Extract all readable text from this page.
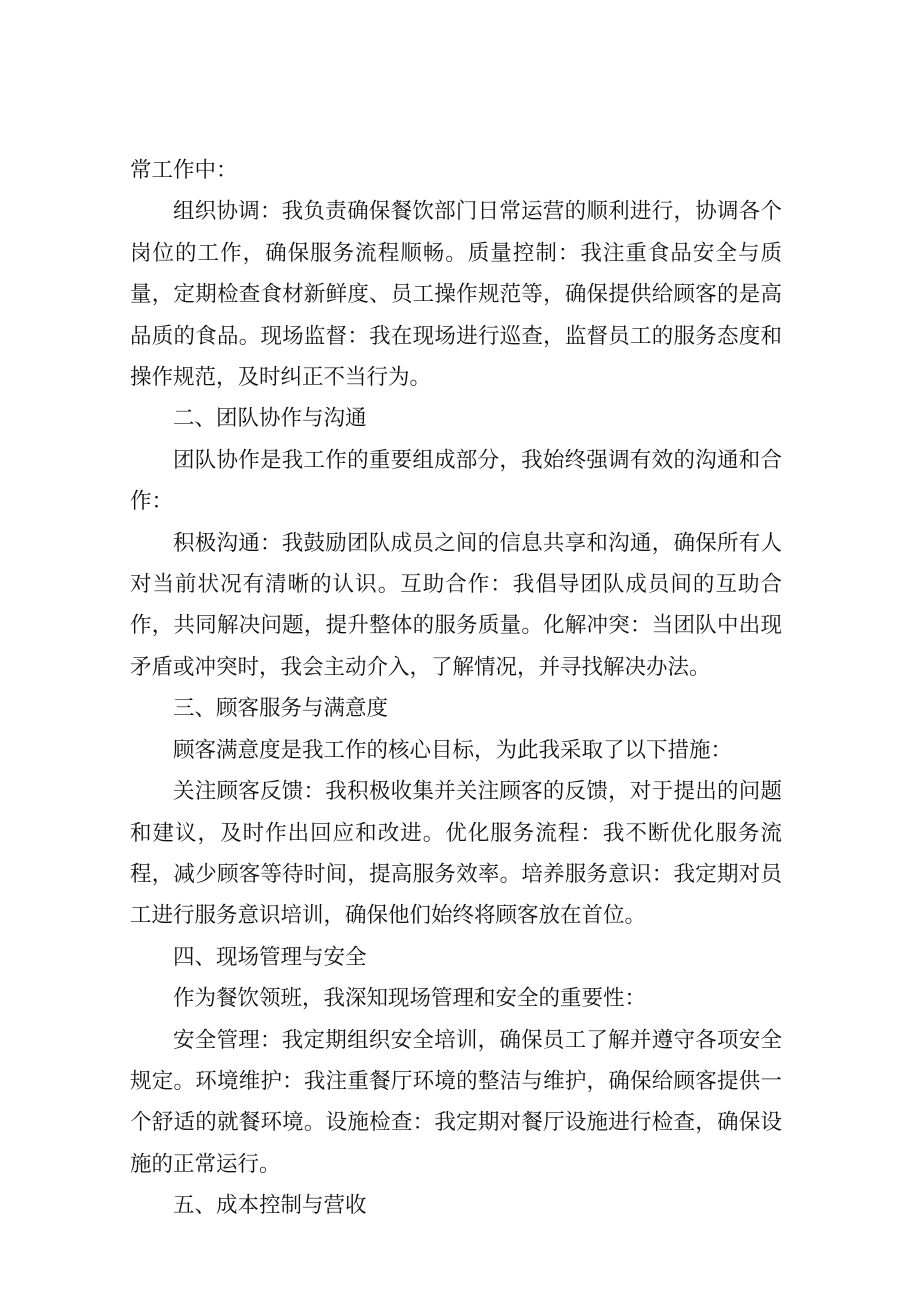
常工作中：

组织协调：我负责确保餐饮部门日常运营的顺利进行，协调各个岗位的工作，确保服务流程顺畅。质量控制：我注重食品安全与质量，定期检查食材新鲜度、员工操作规范等，确保提供给顾客的是高品质的食品。现场监督：我在现场进行巡查，监督员工的服务态度和操作规范，及时纠正不当行为。

二、团队协作与沟通

团队协作是我工作的重要组成部分，我始终强调有效的沟通和合作：

积极沟通：我鼓励团队成员之间的信息共享和沟通，确保所有人对当前状况有清晰的认识。互助合作：我倡导团队成员间的互助合作，共同解决问题，提升整体的服务质量。化解冲突：当团队中出现矛盾或冲突时，我会主动介入，了解情况，并寻找解决办法。

三、顾客服务与满意度

顾客满意度是我工作的核心目标，为此我采取了以下措施：

关注顾客反馈：我积极收集并关注顾客的反馈，对于提出的问题和建议，及时作出回应和改进。优化服务流程：我不断优化服务流程，减少顾客等待时间，提高服务效率。培养服务意识：我定期对员工进行服务意识培训，确保他们始终将顾客放在首位。

四、现场管理与安全

作为餐饮领班，我深知现场管理和安全的重要性：

安全管理：我定期组织安全培训，确保员工了解并遵守各项安全规定。环境维护：我注重餐厅环境的整洁与维护，确保给顾客提供一个舒适的就餐环境。设施检查：我定期对餐厅设施进行检查，确保设施的正常运行。

五、成本控制与营收
